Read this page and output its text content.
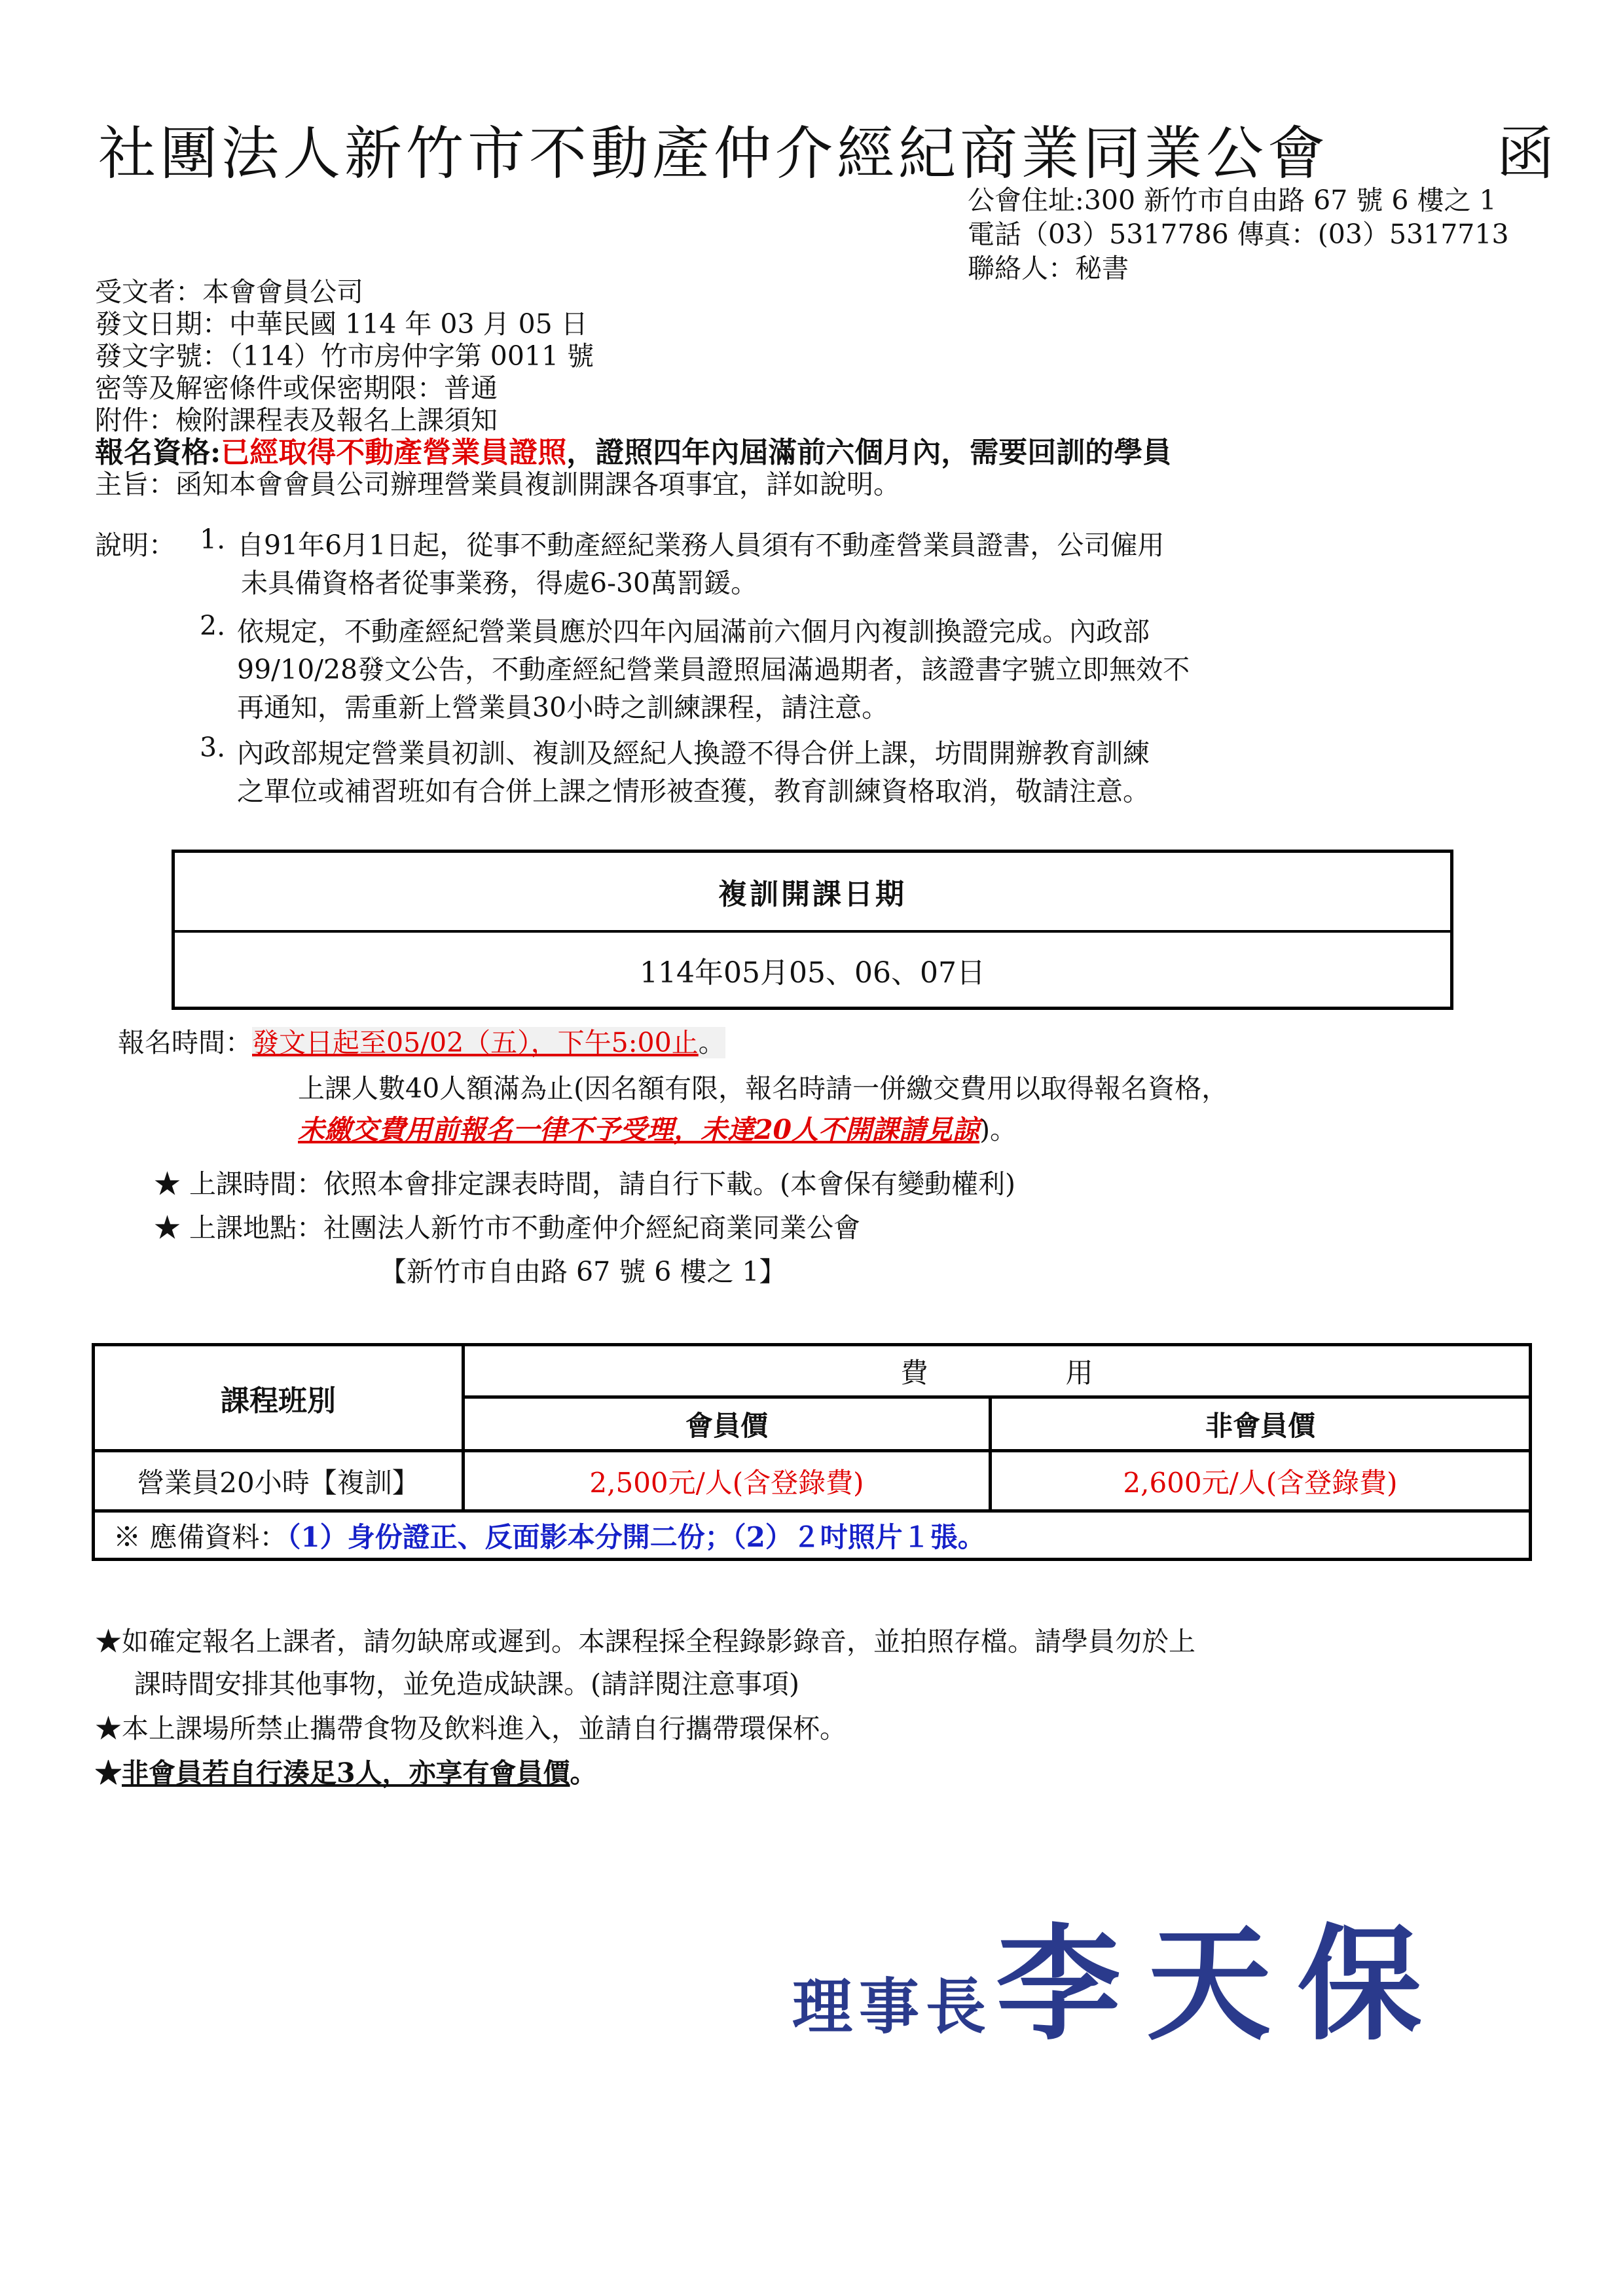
社團法人新竹市不動產仲介經紀商業同業公會	函
公會住址:300 新竹市自由路 67 號 6 樓之 1
電話（03）5317786 傳真：(03）5317713
聯絡人：秘書
受文者：本會會員公司
發文日期：中華民國 114 年 03 月 05 日
發文字號：（114）竹市房仲字第 0011 號
密等及解密條件或保密期限：普通
附件：檢附課程表及報名上課須知
報名資格:已經取得不動產營業員證照，證照四年內屆滿前六個月內，需要回訓的學員
主旨：函知本會會員公司辦理營業員複訓開課各項事宜，詳如說明。
說明： 1. 自91年6月1日起，從事不動產經紀業務人員須有不動產營業員證書，公司僱用
未具備資格者從事業務，得處6-30萬罰鍰。
2. 依規定，不動產經紀營業員應於四年內屆滿前六個月內複訓換證完成。內政部
99/10/28發文公告，不動產經紀營業員證照屆滿過期者，該證書字號立即無效不
再通知，需重新上營業員30小時之訓練課程，請注意。
3. 內政部規定營業員初訓、複訓及經紀人換證不得合併上課，坊間開辦教育訓練
之單位或補習班如有合併上課之情形被查獲，教育訓練資格取消，敬請注意。
複訓開課日期
114年05月05、06、07日
報名時間：發文日起至05/02（五），下午5:00止。
上課人數40人額滿為止(因名額有限，報名時請一併繳交費用以取得報名資格，
未繳交費用前報名一律不予受理，未達20人不開課請見諒)。
★ 上課時間：依照本會排定課表時間，請自行下載。(本會保有變動權利)
★ 上課地點：社團法人新竹市不動產仲介經紀商業同業公會
【新竹市自由路 67 號 6 樓之 1】
課程班別	費　　　　　用	
	會員價	非會員價
營業員20小時【複訓】	2,500元/人(含登錄費)	2,600元/人(含登錄費)
※ 應備資料：（1）身份證正、反面影本分開二份；（2）２吋照片１張。		
★如確定報名上課者，請勿缺席或遲到。本課程採全程錄影錄音，並拍照存檔。請學員勿於上
課時間安排其他事物，並免造成缺課。(請詳閱注意事項)
★本上課場所禁止攜帶食物及飲料進入，並請自行攜帶環保杯。
★非會員若自行湊足3人，亦享有會員價。
理事長 李天保
